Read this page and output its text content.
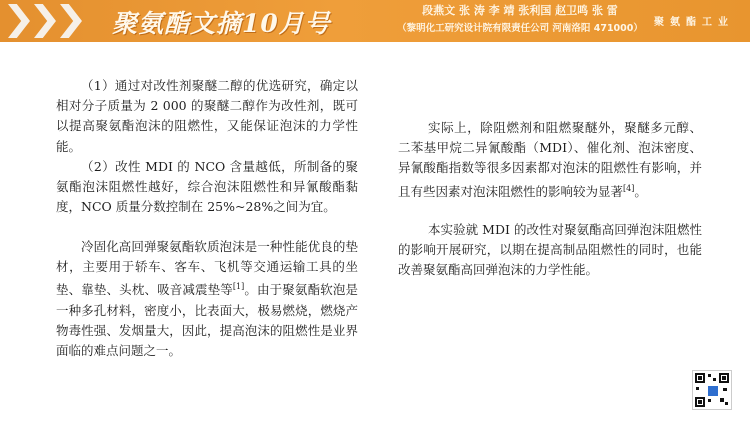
聚氨酯文摘10月号	段燕文 张 涛 李 靖 张利国 赵卫鸣 张 雷
（黎明化工研究设计院有限责任公司 河南洛阳 471000）
聚氨酯工业

（1）通过对改性剂聚醚二醇的优选研究，确定以相对分子质量为 2 000 的聚醚二醇作为改性剂，既可以提高聚氨酯泡沫的阻燃性，又能保证泡沫的力学性能。

（2）改性 MDI 的 NCO 含量越低，所制备的聚氨酯泡沫阻燃性越好，综合泡沫阻燃性和异氰酸酯黏度，NCO 质量分数控制在 25%~28%之间为宜。

冷固化高回弹聚氨酯软质泡沫是一种性能优良的垫材，主要用于轿车、客车、飞机等交通运输工具的坐垫、靠垫、头枕、吸音减震垫等[1]。由于聚氨酯软泡是一种多孔材料，密度小，比表面大，极易燃烧，燃烧产物毒性强、发烟量大，因此，提高泡沫的阻燃性是业界面临的难点问题之一。

实际上，除阻燃剂和阻燃聚醚外，聚醚多元醇、二苯基甲烷二异氰酸酯（MDI）、催化剂、泡沫密度、异氰酸酯指数等很多因素都对泡沫的阻燃性有影响，并且有些因素对泡沫阻燃性的影响较为显著[4]。

本实验就 MDI 的改性对聚氨酯高回弹泡沫阻燃性的影响开展研究，以期在提高制品阻燃性的同时，也能改善聚氨酯高回弹泡沫的力学性能。
